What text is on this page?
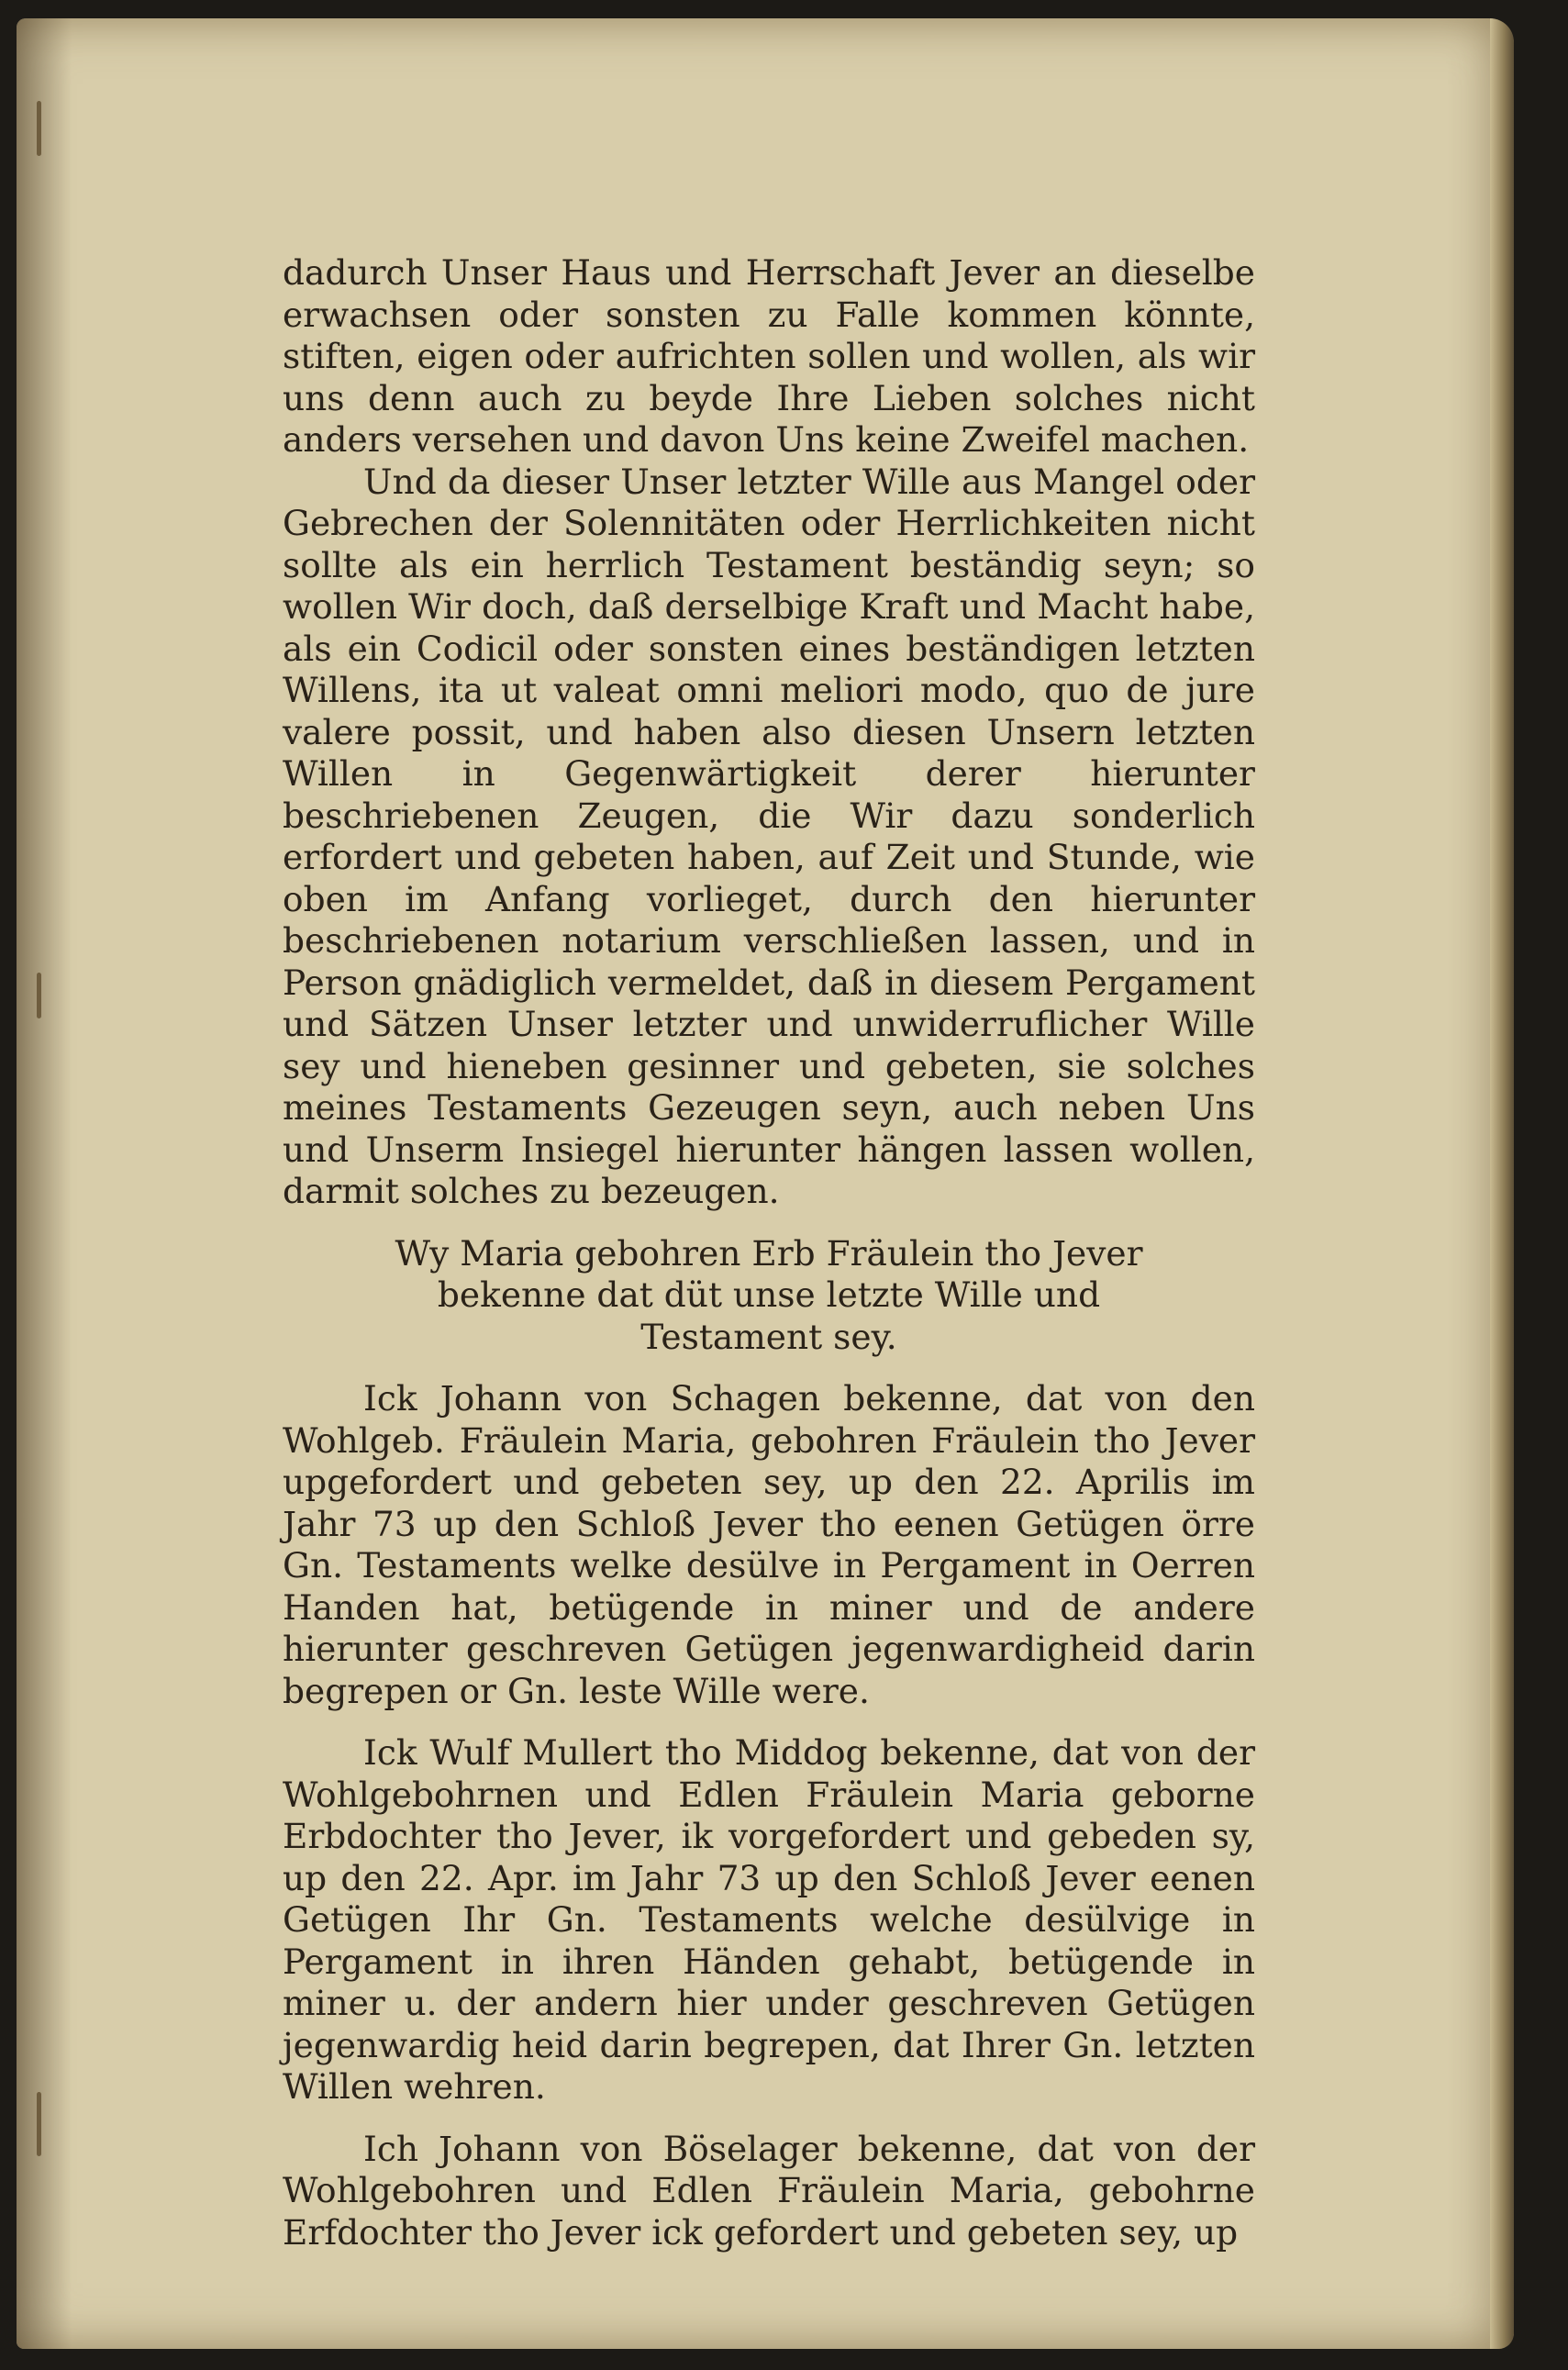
dadurch Unser Haus und Herrschaft Jever an dieselbe erwachsen oder sonsten zu Falle kommen könnte, stiften, eigen oder aufrichten sollen und wollen, als wir uns denn auch zu beyde Ihre Lieben solches nicht anders versehen und davon Uns keine Zweifel machen.

Und da dieser Unser letzter Wille aus Mangel oder Gebrechen der Solennitäten oder Herrlichkeiten nicht sollte als ein herrlich Testament beständig seyn; so wollen Wir doch, daß derselbige Kraft und Macht habe, als ein Codicil oder sonsten eines beständigen letzten Willens, ita ut valeat omni meliori modo, quo de jure valere possit, und haben also diesen Unsern letzten Willen in Gegenwärtigkeit derer hierunter beschriebenen Zeugen, die Wir dazu sonderlich erfordert und gebeten haben, auf Zeit und Stunde, wie oben im Anfang vorlieget, durch den hierunter beschriebenen notarium verschließen lassen, und in Person gnädiglich vermeldet, daß in diesem Pergament und Sätzen Unser letzter und unwiderruflicher Wille sey und hieneben gesinner und gebeten, sie solches meines Testaments Gezeugen seyn, auch neben Uns und Unserm Insiegel hierunter hängen lassen wollen, darmit solches zu bezeugen.

Wy Maria gebohren Erb Fräulein tho Jever bekenne dat düt unse letzte Wille und Testament sey.

Ick Johann von Schagen bekenne, dat von den Wohlgeb. Fräulein Maria, gebohren Fräulein tho Jever upgefordert und gebeten sey, up den 22. Aprilis im Jahr 73 up den Schloß Jever tho eenen Getügen örre Gn. Testaments welke desülve in Pergament in Oerren Handen hat, betügende in miner und de andere hierunter geschreven Getügen jegenwardigheid darin begrepen or Gn. leste Wille were.

Ick Wulf Mullert tho Middog bekenne, dat von der Wohlgebohrnen und Edlen Fräulein Maria geborne Erbdochter tho Jever, ik vorgefordert und gebeden sy, up den 22. Apr. im Jahr 73 up den Schloß Jever eenen Getügen Ihr Gn. Testaments welche desülvige in Pergament in ihren Händen gehabt, betügende in miner u. der andern hier under geschreven Getügen jegenwardig heid darin begrepen, dat Ihrer Gn. letzten Willen wehren.

Ich Johann von Böselager bekenne, dat von der Wohlgebohren und Edlen Fräulein Maria, gebohrne Erfdochter tho Jever ick gefordert und gebeten sey, up
